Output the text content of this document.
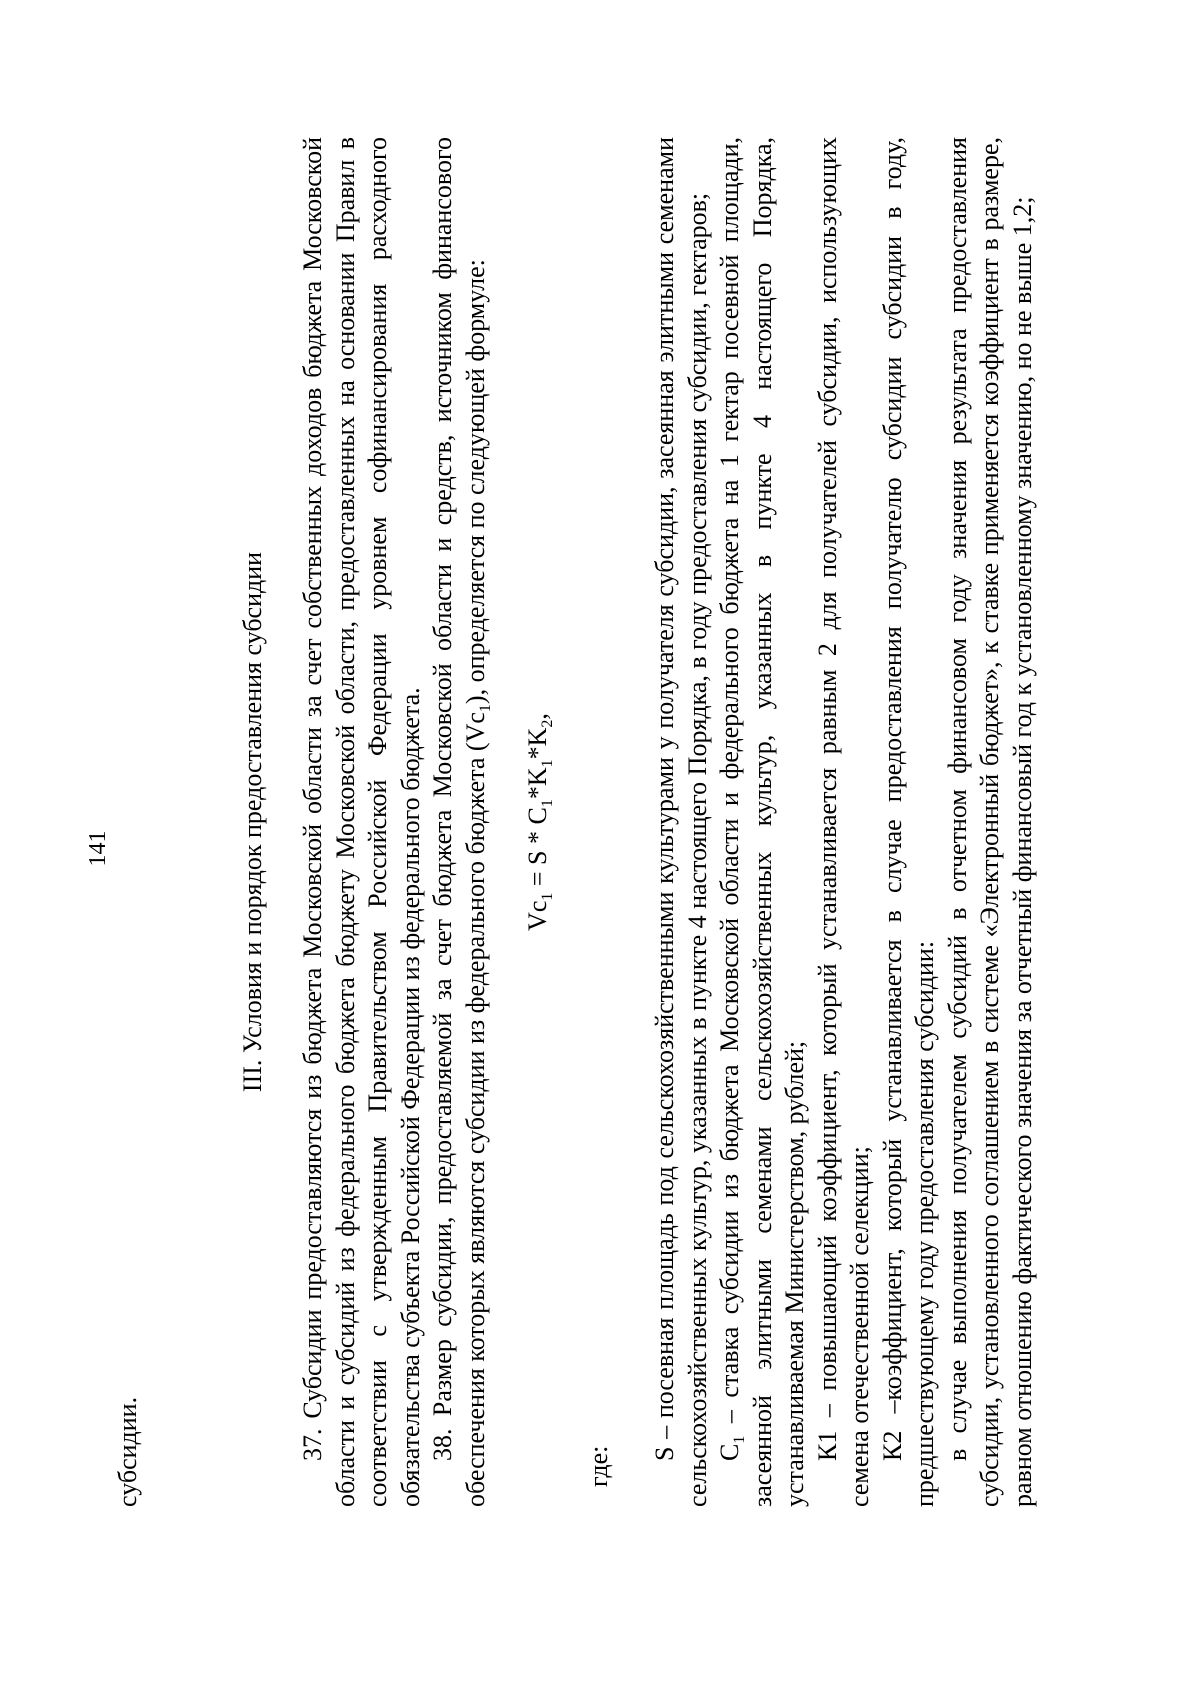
141

субсидии.

III. Условия и порядок предоставления субсидии 37. Субсидии предоставляются из бюджета Московской области за счет собственных доходов бюджета Московской области и субсидий из федерального бюджета бюджету Московской области, предоставленных на основании Правил в соответствии с утвержденным Правительством Российской Федерации уровнем софинансирования расходного обязательства субъекта Российской Федерации из федерального бюджета. 38. Размер субсидии, предоставляемой за счет бюджета Московской области и средств, источником финансового обеспечения которых являются субсидии из федерального бюджета $(Vc_1)$, определяется по следующей формуле:

$Vc_1 = S * C_1*K_1*K_2$,

где:

S – посевная площадь под сельскохозяйственными культурами у получателя субсидии, засеянная элитными семенами сельскохозяйственных культур, указанных в пункте 4 настоящего Порядка, в году предоставления субсидии, гектаров; $C_1$ – ставка субсидии из бюджета Московской области и федерального бюджета на 1 гектар посевной площади, засеянной элитными семенами сельскохозяйственных культур, указанных в пункте 4 настоящего Порядка, устанавливаемая Министерством, рублей; К1 – повышающий коэффициент, который устанавливается равным 2 для получателей субсидии, использующих семена отечественной селекции; К2 –коэффициент, который устанавливается в случае предоставления получателю субсидии субсидии в году, предшествующему году предоставления субсидии: в случае выполнения получателем субсидий в отчетном финансовом году значения результата предоставления субсидии, установленного соглашением в системе «Электронный бюджет», к ставке применяется коэффициент в размере, равном отношению фактического значения за отчетный финансовый год к установленному значению, но не выше 1,2;
